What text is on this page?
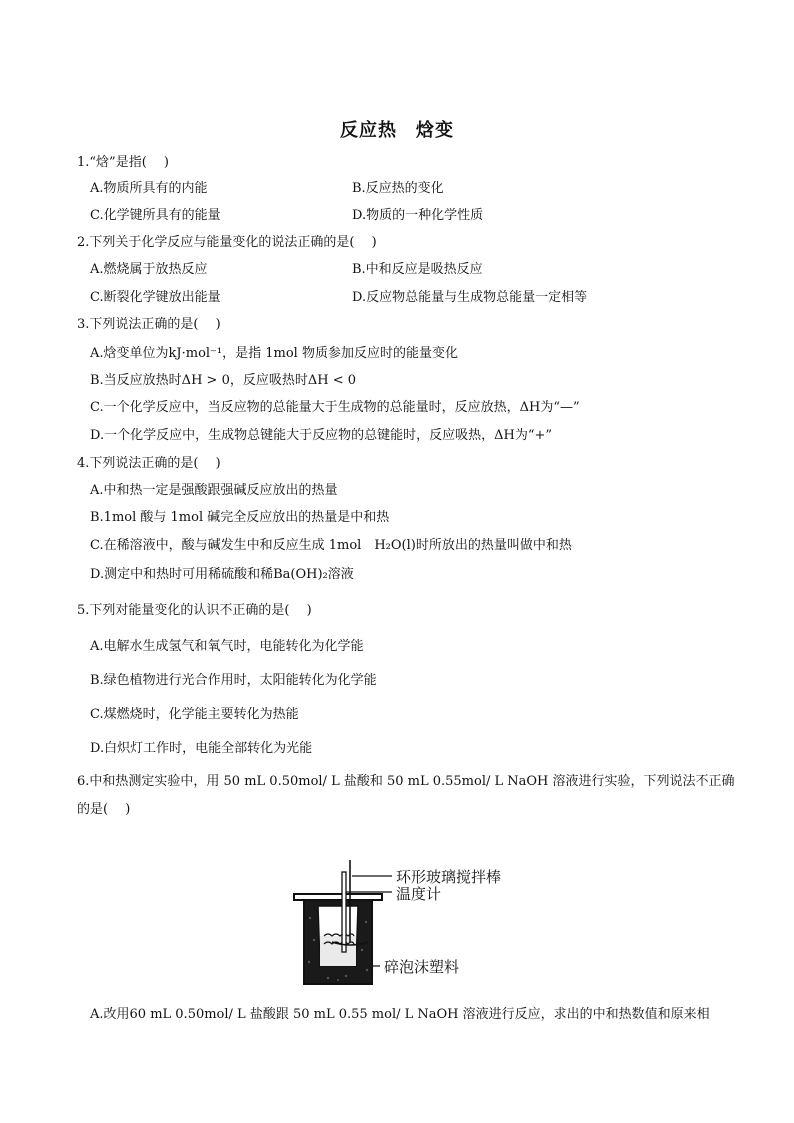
反应热　焓变
1.“焓”是指(　 )
A.物质所具有的内能	B.反应热的变化
C.化学键所具有的能量	D.物质的一种化学性质
2.下列关于化学反应与能量变化的说法正确的是(　 )
A.燃烧属于放热反应	B.中和反应是吸热反应
C.断裂化学键放出能量	D.反应物总能量与生成物总能量一定相等
3.下列说法正确的是(　 )
A.焓变单位为kJ·mol⁻¹，是指 1mol 物质参加反应时的能量变化
B.当反应放热时ΔH > 0，反应吸热时ΔH < 0
C.一个化学反应中，当反应物的总能量大于生成物的总能量时，反应放热，ΔH为“—”
D.一个化学反应中，生成物总键能大于反应物的总键能时，反应吸热，ΔH为“+”
4.下列说法正确的是(　 )
A.中和热一定是强酸跟强碱反应放出的热量
B.1mol 酸与 1mol 碱完全反应放出的热量是中和热
C.在稀溶液中，酸与碱发生中和反应生成 1mol　H₂O(l)时所放出的热量叫做中和热
D.测定中和热时可用稀硫酸和稀Ba(OH)₂溶液
5.下列对能量变化的认识不正确的是(　 )
A.电解水生成氢气和氧气时，电能转化为化学能
B.绿色植物进行光合作用时，太阳能转化为化学能
C.煤燃烧时，化学能主要转化为热能
D.白炽灯工作时，电能全部转化为光能
6.中和热测定实验中，用 50 mL 0.50mol/ L 盐酸和 50 mL 0.55mol/ L NaOH 溶液进行实验，下列说法不正确
的是(　 )
环形玻璃搅拌棒
温度计
碎泡沫塑料
A.改用60 mL 0.50mol/ L 盐酸跟 50 mL 0.55 mol/ L NaOH 溶液进行反应，求出的中和热数值和原来相
